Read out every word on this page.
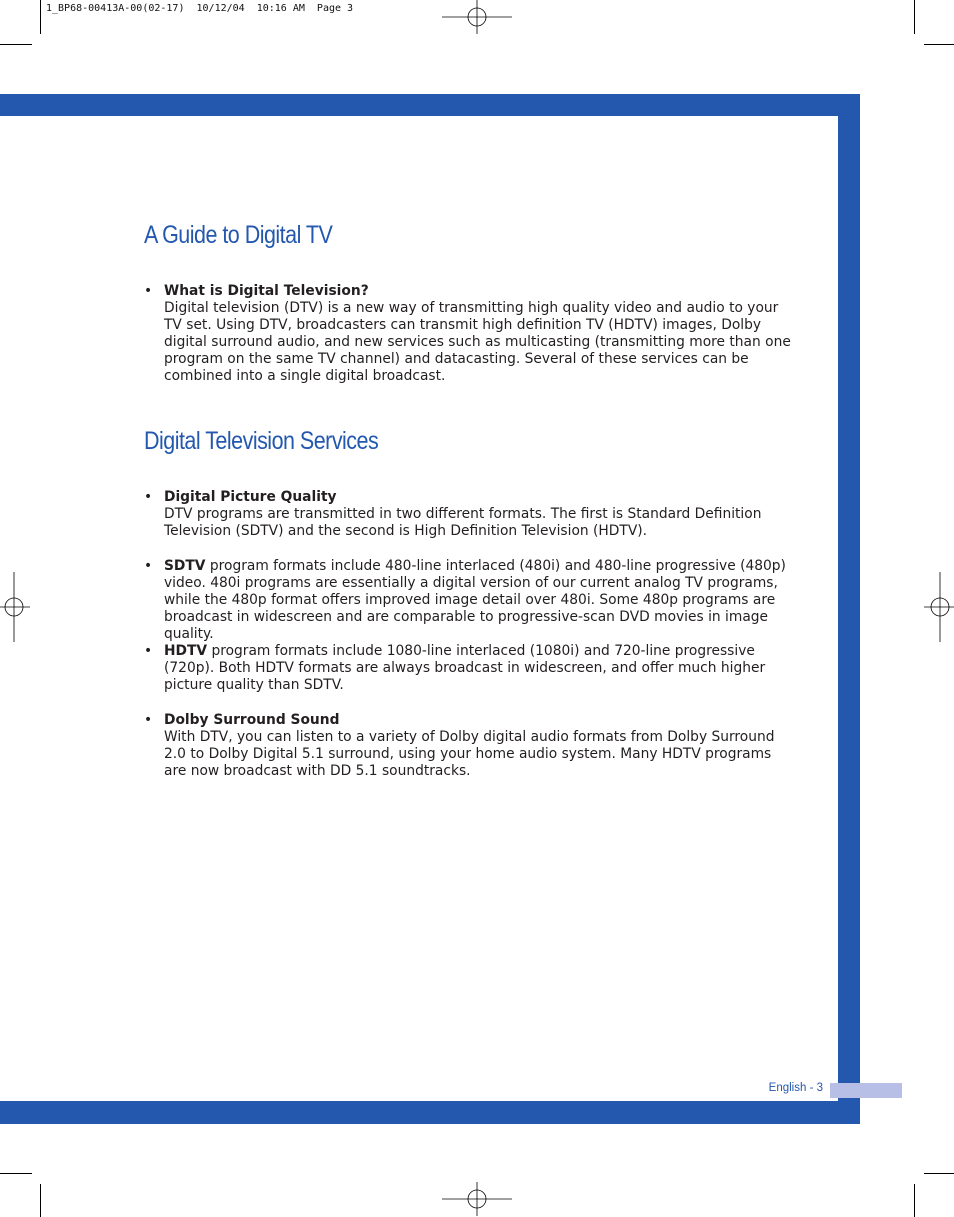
1_BP68-00413A-00(02-17)  10/12/04  10:16 AM  Page 3
English - 3
A Guide to Digital TV
• What is Digital Television?
Digital television (DTV) is a new way of transmitting high quality video and audio to your TV set. Using DTV, broadcasters can transmit high definition TV (HDTV) images, Dolby digital surround audio, and new services such as multicasting (transmitting more than one program on the same TV channel) and datacasting. Several of these services can be combined into a single digital broadcast.
Digital Television Services
• Digital Picture Quality
DTV programs are transmitted in two different formats. The first is Standard Definition Television (SDTV) and the second is High Definition Television (HDTV).
• SDTV program formats include 480-line interlaced (480i) and 480-line progressive (480p) video. 480i programs are essentially a digital version of our current analog TV programs, while the 480p format offers improved image detail over 480i. Some 480p programs are broadcast in widescreen and are comparable to progressive-scan DVD movies in image quality.
• HDTV program formats include 1080-line interlaced (1080i) and 720-line progressive (720p). Both HDTV formats are always broadcast in widescreen, and offer much higher picture quality than SDTV.
• Dolby Surround Sound
With DTV, you can listen to a variety of Dolby digital audio formats from Dolby Surround 2.0 to Dolby Digital 5.1 surround, using your home audio system. Many HDTV programs are now broadcast with DD 5.1 soundtracks.
